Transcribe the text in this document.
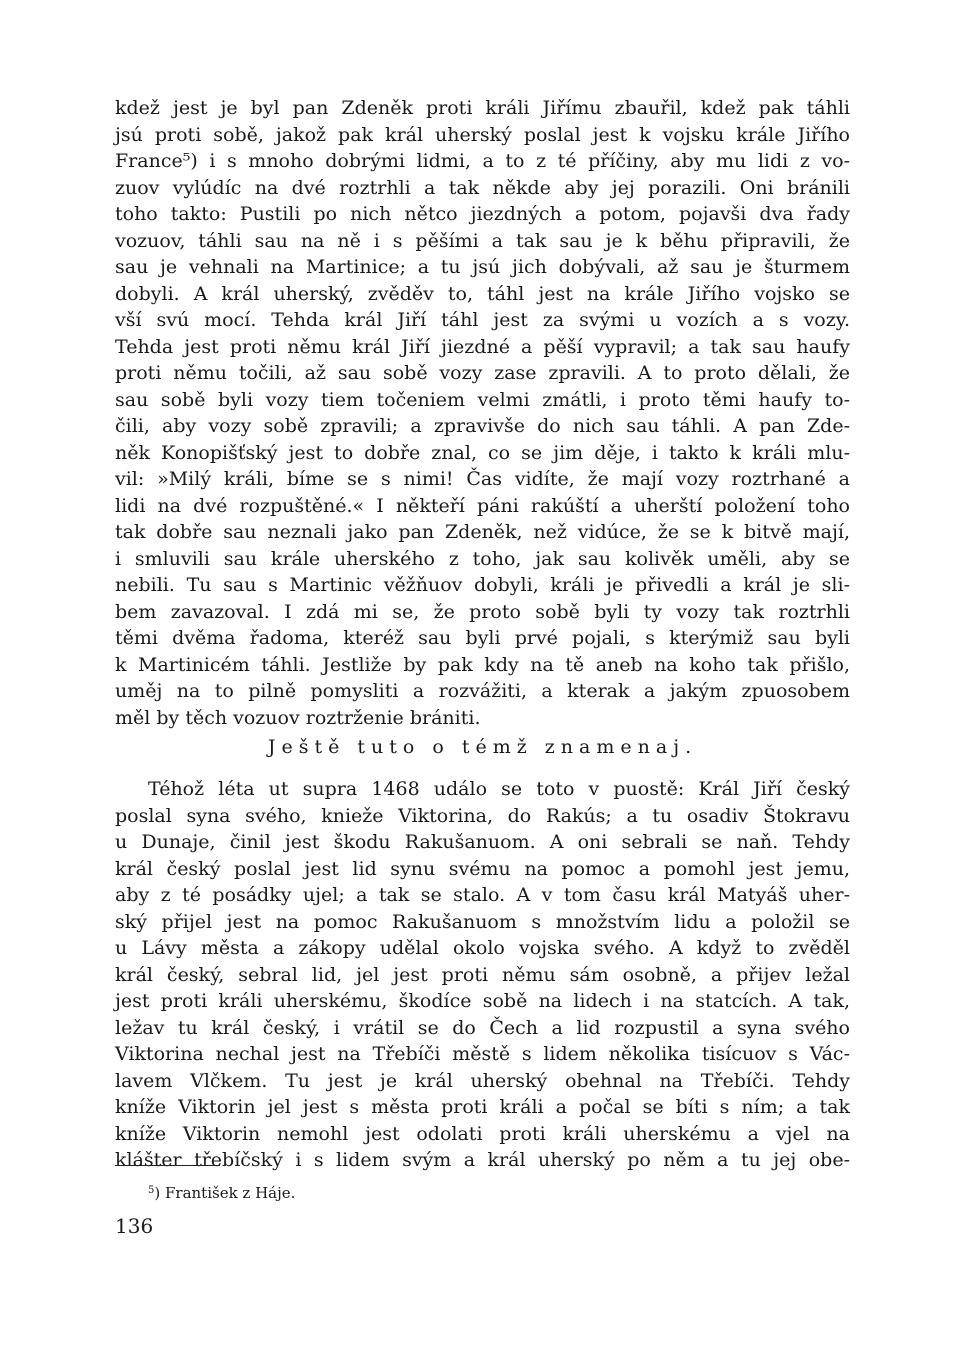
kdež jest je byl pan Zdeněk proti králi Jiřímu zbauřil, kdež pak táhli
jsú proti sobě, jakož pak král uherský poslal jest k vojsku krále Jiřího
France⁵) i s mnoho dobrými lidmi, a to z té příčiny, aby mu lidi z vo-
zuov vylúdíc na dvé roztrhli a tak někde aby jej porazili. Oni bránili
toho takto: Pustili po nich nětco jiezdných a potom, pojavši dva řady
vozuov, táhli sau na ně i s pěšími a tak sau je k běhu připravili, že
sau je vehnali na Martinice; a tu jsú jich dobývali, až sau je šturmem
dobyli. A král uherský, zvěděv to, táhl jest na krále Jiřího vojsko se
vší svú mocí. Tehda král Jiří táhl jest za svými u vozích a s vozy.
Tehda jest proti němu král Jiří jiezdné a pěší vypravil; a tak sau haufy
proti němu točili, až sau sobě vozy zase zpravili. A to proto dělali, že
sau sobě byli vozy tiem točeniem velmi zmátli, i proto těmi haufy to-
čili, aby vozy sobě zpravili; a zpravivše do nich sau táhli. A pan Zde-
něk Konopišťský jest to dobře znal, co se jim děje, i takto k králi mlu-
vil: »Milý králi, bíme se s nimi! Čas vidíte, že mají vozy roztrhané a
lidi na dvé rozpuštěné.« I někteří páni rakúští a uherští položení toho
tak dobře sau neznali jako pan Zdeněk, než vidúce, že se k bitvě mají,
i smluvili sau krále uherského z toho, jak sau kolivěk uměli, aby se
nebili. Tu sau s Martinic věžňuov dobyli, králi je přivedli a král je sli-
bem zavazoval. I zdá mi se, že proto sobě byli ty vozy tak roztrhli
těmi dvěma řadoma, kteréž sau byli prvé pojali, s kterýmiž sau byli
k Martinicém táhli. Jestliže by pak kdy na tě aneb na koho tak přišlo,
uměj na to pilně pomysliti a rozvážiti, a kterak a jakým zpuosobem
měl by těch vozuov roztrženie brániti.
Ještě tuto o témž znamenaj.
Téhož léta ut supra 1468 událo se toto v puostě: Král Jiří český
poslal syna svého, knieže Viktorina, do Rakús; a tu osadiv Štokravu
u Dunaje, činil jest škodu Rakušanuom. A oni sebrali se naň. Tehdy
král český poslal jest lid synu svému na pomoc a pomohl jest jemu,
aby z té posádky ujel; a tak se stalo. A v tom času král Matyáš uher-
ský přijel jest na pomoc Rakušanuom s množstvím lidu a položil se
u Lávy města a zákopy udělal okolo vojska svého. A když to zvěděl
král český, sebral lid, jel jest proti němu sám osobně, a přijev ležal
jest proti králi uherskému, škodíce sobě na lidech i na statcích. A tak,
ležav tu král český, i vrátil se do Čech a lid rozpustil a syna svého
Viktorina nechal jest na Třebíči městě s lidem několika tisícuov s Vác-
lavem Vlčkem. Tu jest je král uherský obehnal na Třebíči. Tehdy
kníže Viktorin jel jest s města proti králi a počal se bíti s ním; a tak
kníže Viktorin nemohl jest odolati proti králi uherskému a vjel na
klášter třebíčský i s lidem svým a král uherský po něm a tu jej obe-
$^5$) František z Háje.
136
